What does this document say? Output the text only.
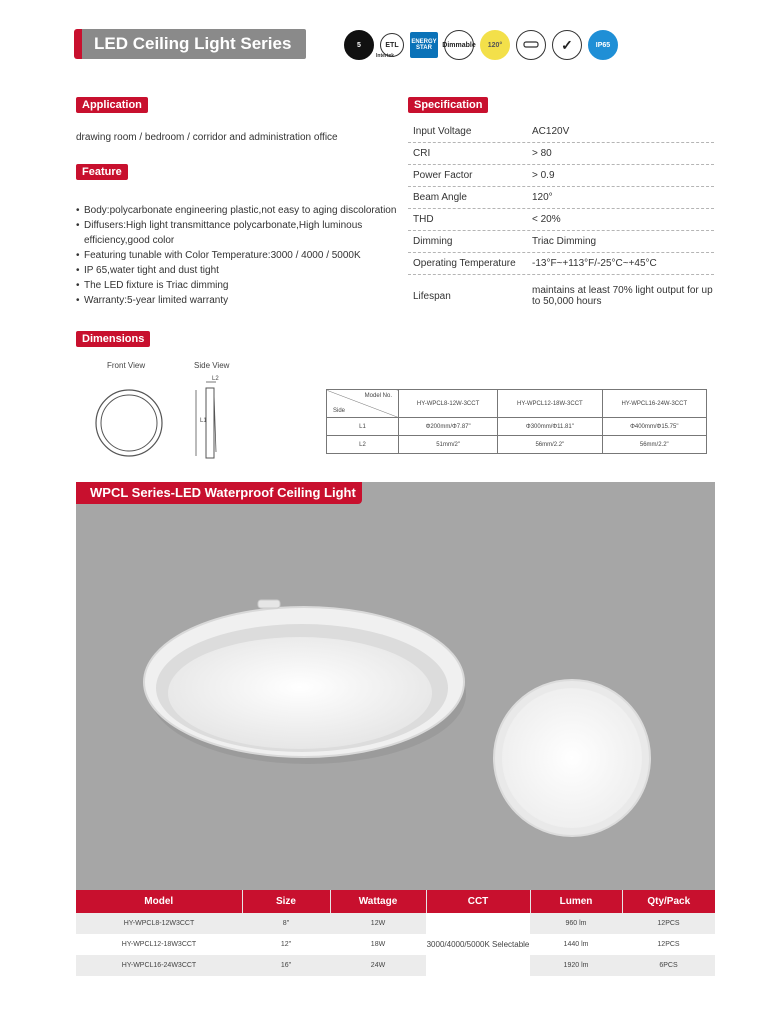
LED Ceiling Light Series	5	ETL ENERGY STAR	Dimmable 120°	✓	IP65
Intertek
Application
drawing room / bedroom / corridor and administration office
Feature
• Body:polycarbonate engineering plastic,not easy to aging discoloration
• Diffusers:High light transmittance polycarbonate,High luminous efficiency,good color
• Featuring tunable with Color Temperature:3000 / 4000 / 5000K
• IP 65,water tight and dust tight
• The LED fixture is Triac dimming
• Warranty:5-year limited warranty
Specification
Input Voltage	AC120V
CRI	> 80
Power Factor	> 0.9
Beam Angle	120°
THD	< 20%
Dimming	Triac Dimming
Operating Temperature	-13°F~+113°F/-25°C~+45°C
Lifespan	maintains at least 70% light output for up to 50,000 hours
Dimensions
Front View	Side View
L2
L1
Model No.
Side	HY-WPCL8-12W-3CCT	HY-WPCL12-18W-3CCT	HY-WPCL16-24W-3CCT
L1	Φ200mm/Φ7.87"	Φ300mm/Φ11.81"	Φ400mm/Φ15.75"
L2	51mm/2"	56mm/2.2"	56mm/2.2"
WPCL Series-LED Waterproof Ceiling Light
Model	Size	Wattage	CCT	Lumen	Qty/Pack
HY-WPCL8-12W3CCT	8"	12W	3000/4000/5000K Selectable	960 lm	12PCS
HY-WPCL12-18W3CCT	12"	18W		1440 lm	12PCS
HY-WPCL16-24W3CCT	16"	24W		1920 lm	6PCS
